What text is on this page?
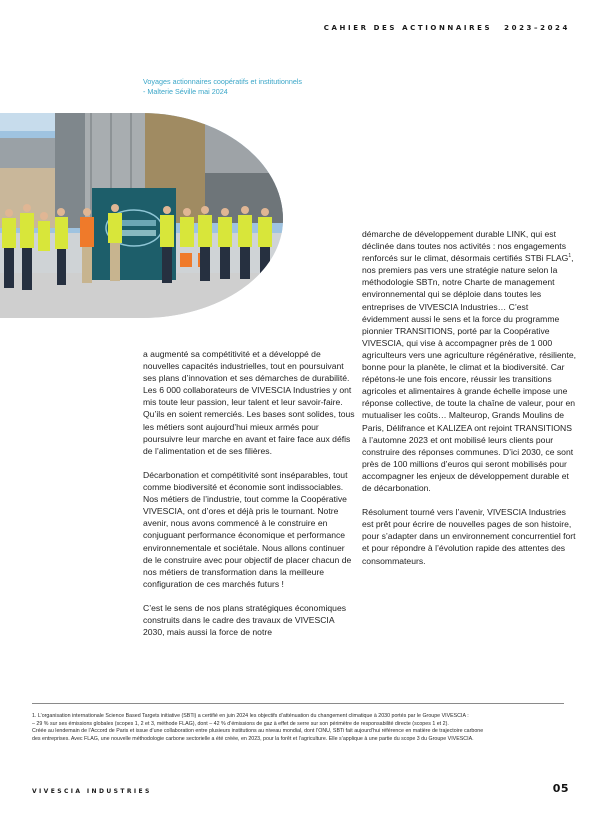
CAHIER DES ACTIONNAIRES 2023–2024
Voyages actionnaires coopératifs et institutionnels
- Malterie Séville mai 2024

a augmenté sa compétitivité et a développé de nouvelles capacités industrielles, tout en poursuivant ses plans d’innovation et ses démarches de durabilité. Les 6 000 collaborateurs de VIVESCIA Industries y ont mis toute leur passion, leur talent et leur savoir-faire. Qu’ils en soient remerciés. Les bases sont solides, tous les métiers sont aujourd’hui mieux armés pour poursuivre leur marche en avant et faire face aux défis de l’alimentation et de ses filières.

Décarbonation et compétitivité sont inséparables, tout comme biodiversité et économie sont indissociables. Nos métiers de l’industrie, tout comme la Coopérative VIVESCIA, ont d’ores et déjà pris le tournant. Notre avenir, nous avons commencé à le construire en conjuguant performance économique et performance environnementale et sociétale. Nous allons continuer de le construire avec pour objectif de placer chacun de nos métiers de transformation dans la meilleure configuration de ces marchés futurs !

C’est le sens de nos plans stratégiques économiques construits dans le cadre des travaux de VIVESCIA 2030, mais aussi la force de notre

démarche de développement durable LINK, qui est déclinée dans toutes nos activités : nos engagements renforcés sur le climat, désormais certifiés STBi FLAG$^1$, nos premiers pas vers une stratégie nature selon la méthodologie SBTn, notre Charte de management environnemental qui se déploie dans toutes les entreprises de VIVESCIA Industries… C’est évidemment aussi le sens et la force du programme pionnier TRANSITIONS, porté par la Coopérative VIVESCIA, qui vise à accompagner près de 1 000 agriculteurs vers une agriculture régénérative, résiliente, bonne pour la planète, le climat et la biodiversité. Car répétons-le une fois encore, réussir les transitions agricoles et alimentaires à grande échelle impose une réponse collective, de toute la chaîne de valeur, pour en mutualiser les coûts… Malteurop, Grands Moulins de Paris, Délifrance et KALIZEA ont rejoint TRANSITIONS à l’automne 2023 et ont mobilisé leurs clients pour construire des réponses communes. D’ici 2030, ce sont près de 100 millions d’euros qui seront mobilisés pour accompagner les enjeux de développement durable et de décarbonation.

Résolument tourné vers l’avenir, VIVESCIA Industries est prêt pour écrire de nouvelles pages de son histoire, pour s’adapter dans un environnement concurrentiel fort et pour répondre à l’évolution rapide des attentes des consommateurs.

1. L’organisation internationale Science Based Targets initiative (SBTi) a certifié en juin 2024 les objectifs d’atténuation du changement climatique à 2030 portés par le Groupe VIVESCIA :
– 29 % sur ses émissions globales (scopes 1, 2 et 3, méthode FLAG), dont – 42 % d’émissions de gaz à effet de serre sur son périmètre de responsabilité directe (scopes 1 et 2).
Créée au lendemain de l’Accord de Paris et issue d’une collaboration entre plusieurs institutions au niveau mondial, dont l’ONU, SBTi fait aujourd’hui référence en matière de trajectoire carbone
des entreprises. Avec FLAG, une nouvelle méthodologie carbone sectorielle a été créée, en 2023, pour la forêt et l’agriculture. Elle s’applique à une partie du scope 3 du Groupe VIVESCIA.
VIVESCIA INDUSTRIES	05
